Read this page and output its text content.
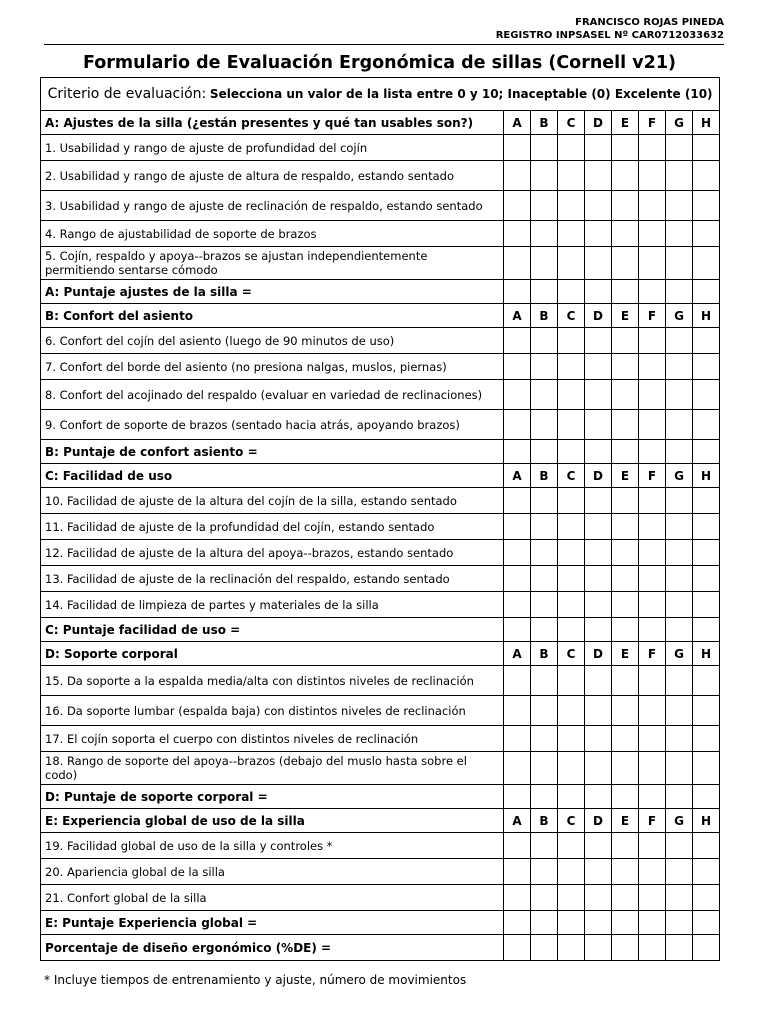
FRANCISCO ROJAS PINEDA
REGISTRO INPSASEL Nº CAR0712033632
Formulario de Evaluación Ergonómica de sillas (Cornell v21)
Criterio de evaluación: Selecciona un valor de la lista entre 0 y 10; Inaceptable (0) Excelente (10)								
A: Ajustes de la silla (¿están presentes y qué tan usables son?)	A	B	C	D	E	F	G	H
1. Usabilidad y rango de ajuste de profundidad del cojín								
2. Usabilidad y rango de ajuste de altura de respaldo, estando sentado								
3. Usabilidad y rango de ajuste de reclinación de respaldo, estando sentado								
4. Rango de ajustabilidad de soporte de brazos								
5. Cojín, respaldo y apoya--brazos se ajustan independientemente permitiendo sentarse cómodo								
A: Puntaje ajustes de la silla =								
B: Confort del asiento	A	B	C	D	E	F	G	H
6. Confort del cojín del asiento (luego de 90 minutos de uso)								
7. Confort del borde del asiento (no presiona nalgas, muslos, piernas)								
8. Confort del acojinado del respaldo (evaluar en variedad de reclinaciones)								
9. Confort de soporte de brazos (sentado hacia atrás, apoyando brazos)								
B: Puntaje de confort asiento =								
C: Facilidad de uso	A	B	C	D	E	F	G	H
10. Facilidad de ajuste de la altura del cojín de la silla, estando sentado								
11. Facilidad de ajuste de la profundidad del cojín, estando sentado								
12. Facilidad de ajuste de la altura del apoya--brazos, estando sentado								
13. Facilidad de ajuste de la reclinación del respaldo, estando sentado								
14. Facilidad de limpieza de partes y materiales de la silla								
C: Puntaje facilidad de uso =								
D: Soporte corporal	A	B	C	D	E	F	G	H
15. Da soporte a la espalda media/alta con distintos niveles de reclinación								
16. Da soporte lumbar (espalda baja) con distintos niveles de reclinación								
17. El cojín soporta el cuerpo con distintos niveles de reclinación								
18. Rango de soporte del apoya--brazos (debajo del muslo hasta sobre el codo)								
D: Puntaje de soporte corporal =								
E: Experiencia global de uso de la silla	A	B	C	D	E	F	G	H
19. Facilidad global de uso de la silla y controles *								
20. Apariencia global de la silla								
21. Confort global de la silla								
E: Puntaje Experiencia global =								
Porcentaje de diseño ergonómico (%DE) =								
* Incluye tiempos de entrenamiento y ajuste, número de movimientos
